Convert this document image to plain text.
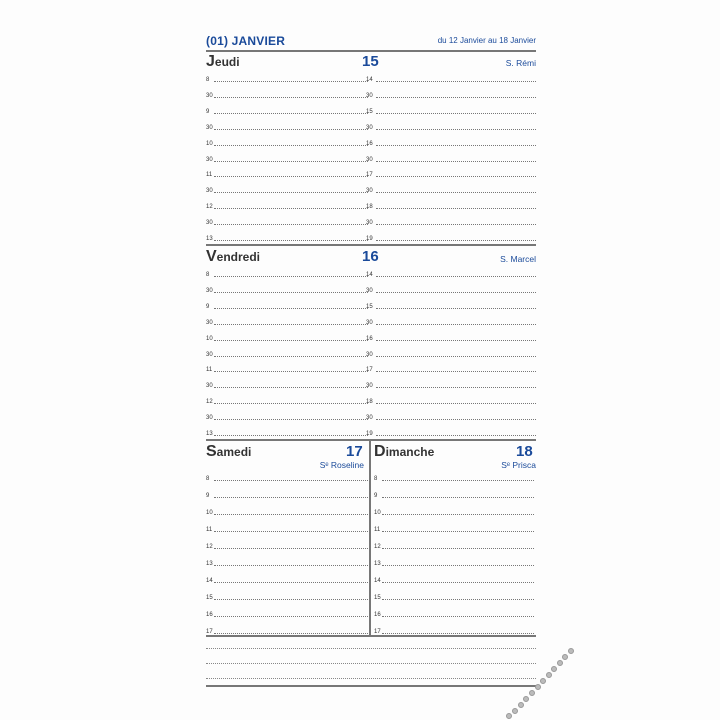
(01) JANVIER	du 12 Janvier au 18 Janvier
Jeudi	15	S. Rémi
8
30
9
30
10
30
11
30
12
30
13
14
30
15
30
16
30
17
30
18
30
19
Vendredi	16	S. Marcel
8
30
9
30
10
30
11
30
12
30
13
14
30
15
30
16
30
17
30
18
30
19
Samedi	17
Sᵉ Roseline
8
9
10
11
12
13
14
15
16
17
Dimanche	18
Sᵉ Prisca
8
9
10
11
12
13
14
15
16
17
